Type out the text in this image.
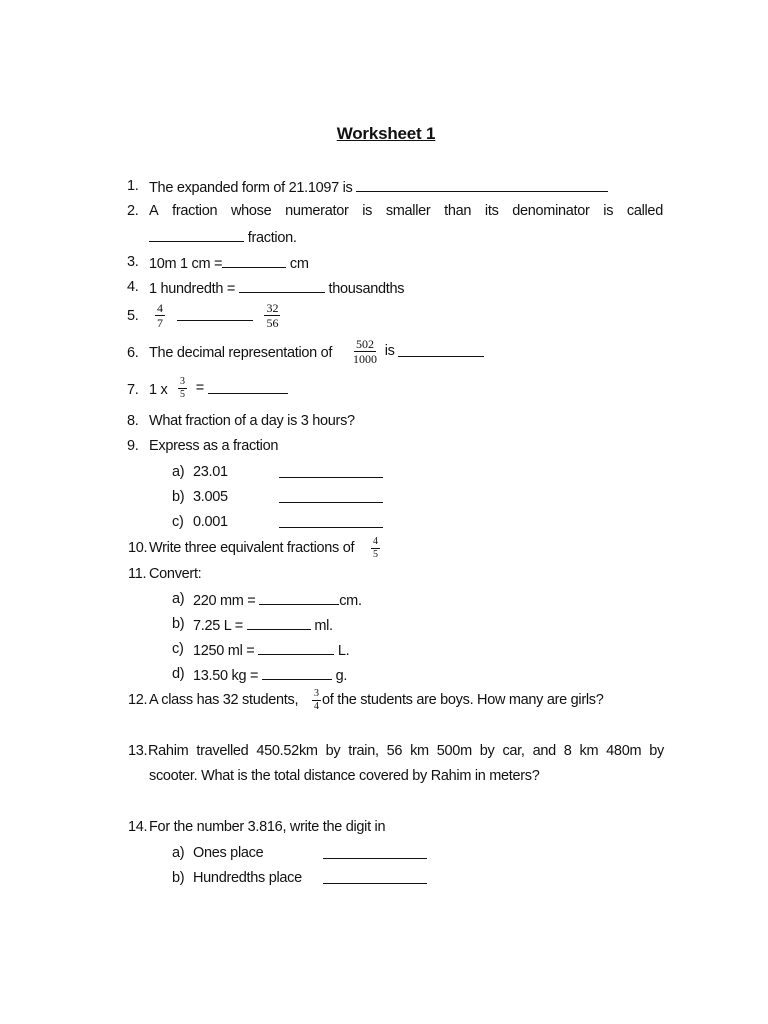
Worksheet 1
1. The expanded form of 21.1097 is
2. A fraction whose numerator is smaller than its denominator is called
fraction.
3. 10m 1 cm =	cm
4. 1 hundredth =	thousandths
5. $\frac{4}{7}$
	$\frac{32}{56}$
6. The decimal representation of $\frac{502}{1000}$ is
7. 1 x $\frac{3}{5}$ =
8. What fraction of a day is 3 hours?
9. Express as a fraction
a) 23.01
b) 3.005
c) 0.001
10. Write three equivalent fractions of $\frac{4}{5}$
11. Convert:
a) 220 mm =	cm.
b) 7.25 L =	ml.
c) 1250 ml =	L.
d) 13.50 kg =	g.
12. A class has 32 students, $\frac{3}{4}$ of the students are boys. How many are girls?
13. Rahim travelled 450.52km by train, 56 km 500m by car, and 8 km 480m by
scooter. What is the total distance covered by Rahim in meters?
14. For the number 3.816, write the digit in
a) Ones place
b) Hundredths place
